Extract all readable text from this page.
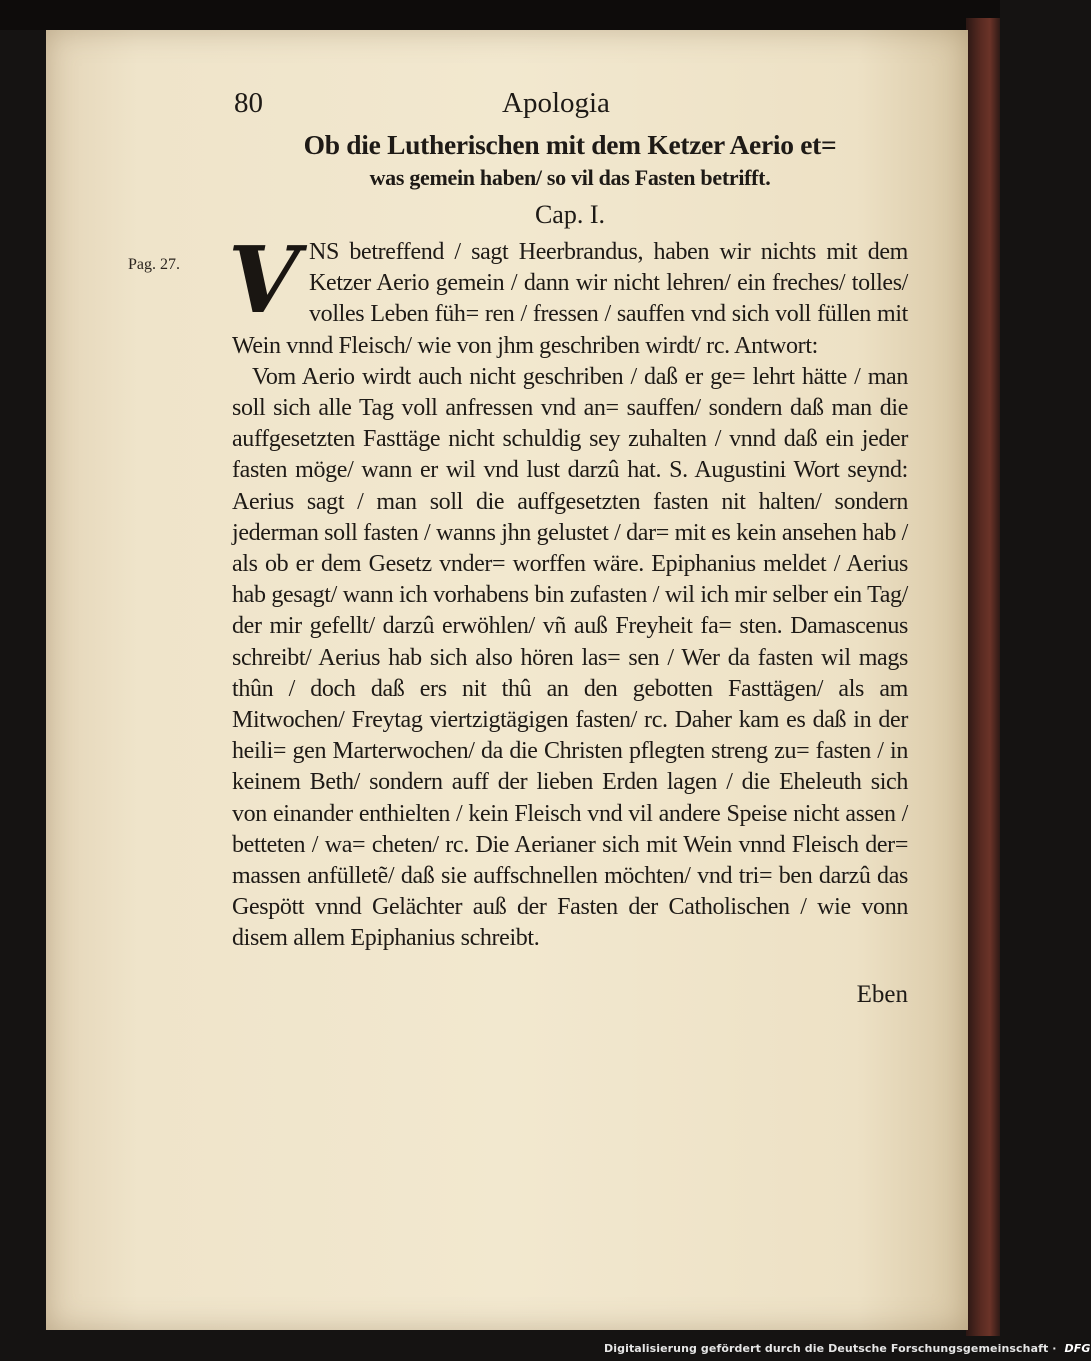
Pag. 27.
80	Apologia
Ob die Lutherischen mit dem Ketzer Aerio et=
was gemein haben/ so vil das Fasten betrifft.
Cap. I.

V NS betreffend / sagt Heerbrandus, haben wir nichts mit dem Ketzer Aerio gemein / dann wir nicht lehren/ ein freches/ tolles/ volles Leben füh= ren / fressen / sauffen vnd sich voll füllen mit Wein vnnd Fleisch/ wie von jhm geschriben wirdt/ rc. Antwort:

Vom Aerio wirdt auch nicht geschriben / daß er ge= lehrt hätte / man soll sich alle Tag voll anfressen vnd an= sauffen/ sondern daß man die auffgesetzten Fasttäge nicht schuldig sey zuhalten / vnnd daß ein jeder fasten möge/ wann er wil vnd lust darzû hat. S. Augustini Wort seynd: Aerius sagt / man soll die auffgesetzten fasten nit halten/ sondern jederman soll fasten / wanns jhn gelustet / dar= mit es kein ansehen hab / als ob er dem Gesetz vnder= worffen wäre. Epiphanius meldet / Aerius hab gesagt/ wann ich vorhabens bin zufasten / wil ich mir selber ein Tag/ der mir gefellt/ darzû erwöhlen/ vñ auß Freyheit fa= sten. Damascenus schreibt/ Aerius hab sich also hören las= sen / Wer da fasten wil mags thûn / doch daß ers nit thû an den gebotten Fasttägen/ als am Mitwochen/ Freytag viertzigtägigen fasten/ rc. Daher kam es daß in der heili= gen Marterwochen/ da die Christen pflegten streng zu= fasten / in keinem Beth/ sondern auff der lieben Erden lagen / die Eheleuth sich von einander enthielten / kein Fleisch vnd vil andere Speise nicht assen / betteten / wa= cheten/ rc. Die Aerianer sich mit Wein vnnd Fleisch der= massen anfülletẽ/ daß sie auffschnellen möchten/ vnd tri= ben darzû das Gespött vnnd Gelächter auß der Fasten der Catholischen / wie vonn disem allem Epiphanius schreibt.

Eben
Digitalisierung gefördert durch die Deutsche Forschungsgemeinschaft · DFG
